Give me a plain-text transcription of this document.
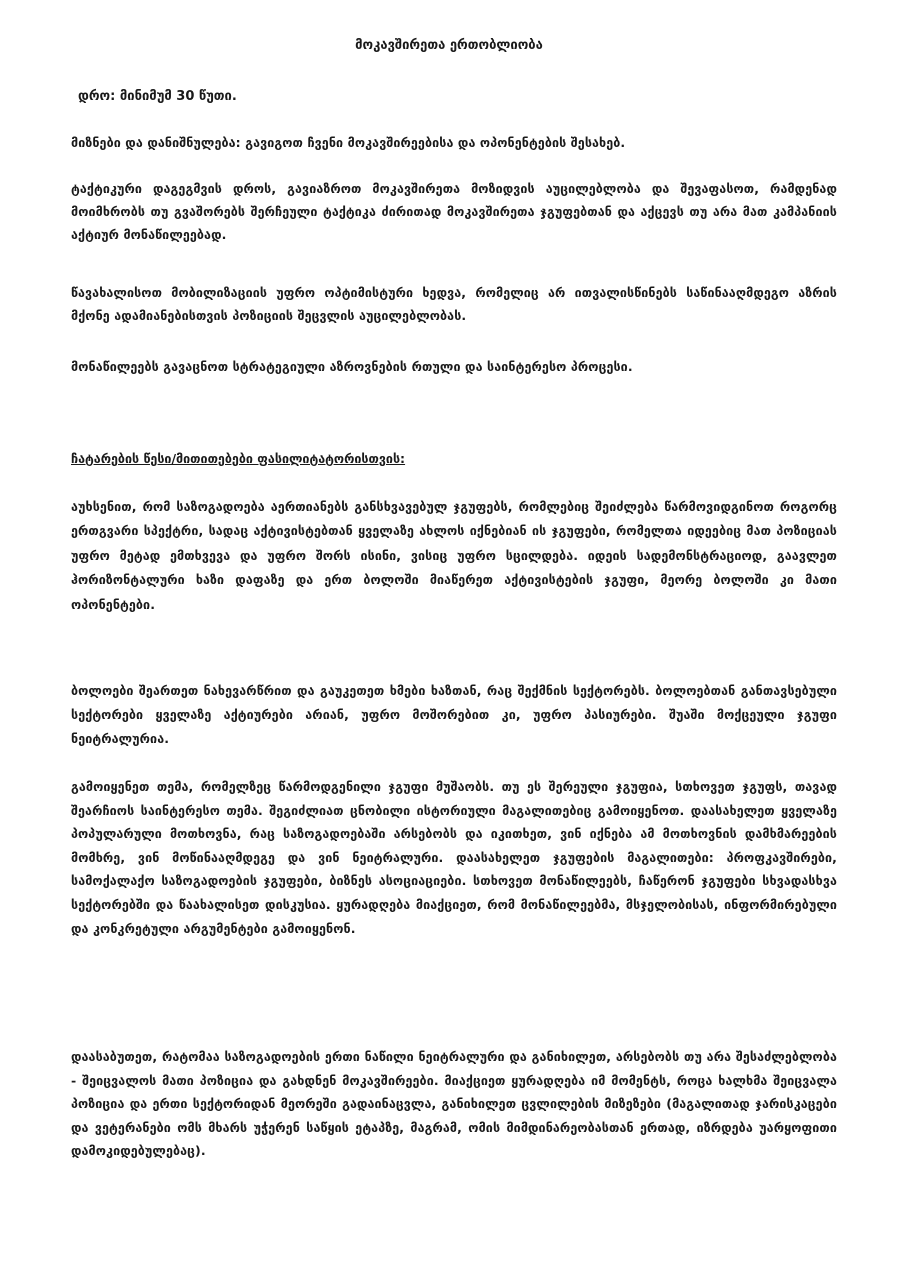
მოკავშირეთა ერთობლიობა
დრო: მინიმუმ 30 წუთი.
მიზნები და დანიშნულება: გავიგოთ ჩვენი მოკავშირეებისა და ოპონენტების შესახებ.
ტაქტიკური დაგეგმვის დროს, გავიაზროთ მოკავშირეთა მოზიდვის აუცილებლობა და შევაფასოთ, რამდენად მოიმხრობს თუ გვაშორებს შერჩეული ტაქტიკა ძირითად მოკავშირეთა ჯგუფებთან და აქცევს თუ არა მათ კამპანიის აქტიურ მონაწილეებად.
წავახალისოთ მობილიზაციის უფრო ოპტიმისტური ხედვა, რომელიც არ ითვალისწინებს საწინააღმდეგო აზრის მქონე ადამიანებისთვის პოზიციის შეცვლის აუცილებლობას.
მონაწილეებს გავაცნოთ სტრატეგიული აზროვნების რთული და საინტერესო პროცესი.
ჩატარების წესი/მითითებები ფასილიტატორისთვის:
აუხსენით, რომ საზოგადოება აერთიანებს განსხვავებულ ჯგუფებს, რომლებიც შეიძლება წარმოვიდგინოთ როგორც ერთგვარი სპექტრი, სადაც აქტივისტებთან ყველაზე ახლოს იქნებიან ის ჯგუფები, რომელთა იდეებიც მათ პოზიციას უფრო მეტად ემთხვევა და უფრო შორს ისინი, ვისიც უფრო სცილდება. იდეის სადემონსტრაციოდ, გაავლეთ ჰორიზონტალური ხაზი დაფაზე და ერთ ბოლოში მიაწერეთ აქტივისტების ჯგუფი, მეორე ბოლოში კი მათი ოპონენტები.
ბოლოები შეართეთ ნახევარწრით და გაუკეთეთ ხმები ხაზთან, რაც შექმნის სექტორებს. ბოლოებთან განთავსებული სექტორები ყველაზე აქტიურები არიან, უფრო მოშორებით კი, უფრო პასიურები. შუაში მოქცეული ჯგუფი ნეიტრალურია.
გამოიყენეთ თემა, რომელზეც წარმოდგენილი ჯგუფი მუშაობს. თუ ეს შერეული ჯგუფია, სთხოვეთ ჯგუფს, თავად შეარჩიოს საინტერესო თემა. შეგიძლიათ ცნობილი ისტორიული მაგალითებიც გამოიყენოთ. დაასახელეთ ყველაზე პოპულარული მოთხოვნა, რაც საზოგადოებაში არსებობს და იკითხეთ, ვინ იქნება ამ მოთხოვნის დამხმარეების მომხრე, ვინ მოწინააღმდეგე და ვინ ნეიტრალური. დაასახელეთ ჯგუფების მაგალითები: პროფკავშირები, სამოქალაქო საზოგადოების ჯგუფები, ბიზნეს ასოციაციები. სთხოვეთ მონაწილეებს, ჩაწერონ ჯგუფები სხვადასხვა სექტორებში და წაახალისეთ დისკუსია. ყურადღება მიაქციეთ, რომ მონაწილეებმა, მსჯელობისას, ინფორმირებული და კონკრეტული არგუმენტები გამოიყენონ.
დაასაბუთეთ, რატომაა საზოგადოების ერთი ნაწილი ნეიტრალური და განიხილეთ, არსებობს თუ არა შესაძლებლობა - შეიცვალოს მათი პოზიცია და გახდნენ მოკავშირეები. მიაქციეთ ყურადღება იმ მომენტს, როცა ხალხმა შეიცვალა პოზიცია და ერთი სექტორიდან მეორეში გადაინაცვლა, განიხილეთ ცვლილების მიზეზები (მაგალითად ჯარისკაცები და ვეტერანები ომს მხარს უჭერენ საწყის ეტაპზე, მაგრამ, ომის მიმდინარეობასთან ერთად, იზრდება უარყოფითი დამოკიდებულებაც).
